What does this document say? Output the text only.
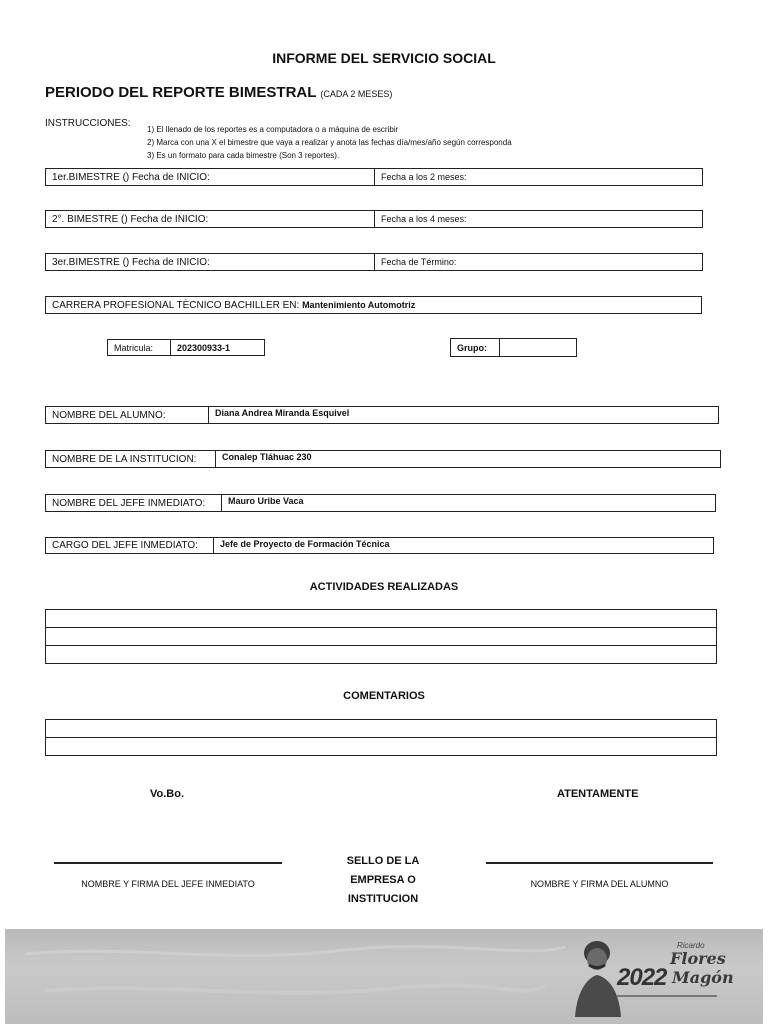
INFORME DEL SERVICIO SOCIAL
PERIODO DEL REPORTE BIMESTRAL (CADA 2 MESES)
INSTRUCCIONES:
1) El llenado de los reportes es a computadora o a máquina de escribir
2) Marca con una X el bimestre que vaya a realizar y anota las fechas día/mes/año según corresponda
3) Es un formato para cada bimestre (Son 3 reportes).
1er.BIMESTRE () Fecha de INICIO:	Fecha a los 2 meses:
2°. BIMESTRE () Fecha de INICIO:	Fecha a los 4 meses:
3er.BIMESTRE () Fecha de INICIO:	Fecha de Término:
CARRERA PROFESIONAL TÈCNICO BACHILLER EN:
Mantenimiento Automotriz
Matricula:	202300933-1	Grupo:
NOMBRE DEL ALUMNO:	Diana Andrea Miranda Esquivel
NOMBRE DE LA INSTITUCION:	Conalep Tláhuac 230
NOMBRE DEL JEFE INMEDIATO:	Mauro Uribe Vaca
CARGO DEL JEFE INMEDIATO:	Jefe de Proyecto de Formación Técnica
ACTIVIDADES REALIZADAS
COMENTARIOS
Vo.Bo.	ATENTAMENTE
NOMBRE Y FIRMA DEL JEFE INMEDIATO	NOMBRE Y FIRMA DEL ALUMNO
SELLO DE LA
EMPRESA O
INSTITUCION
2022
Ricardo
Flores
Magón
